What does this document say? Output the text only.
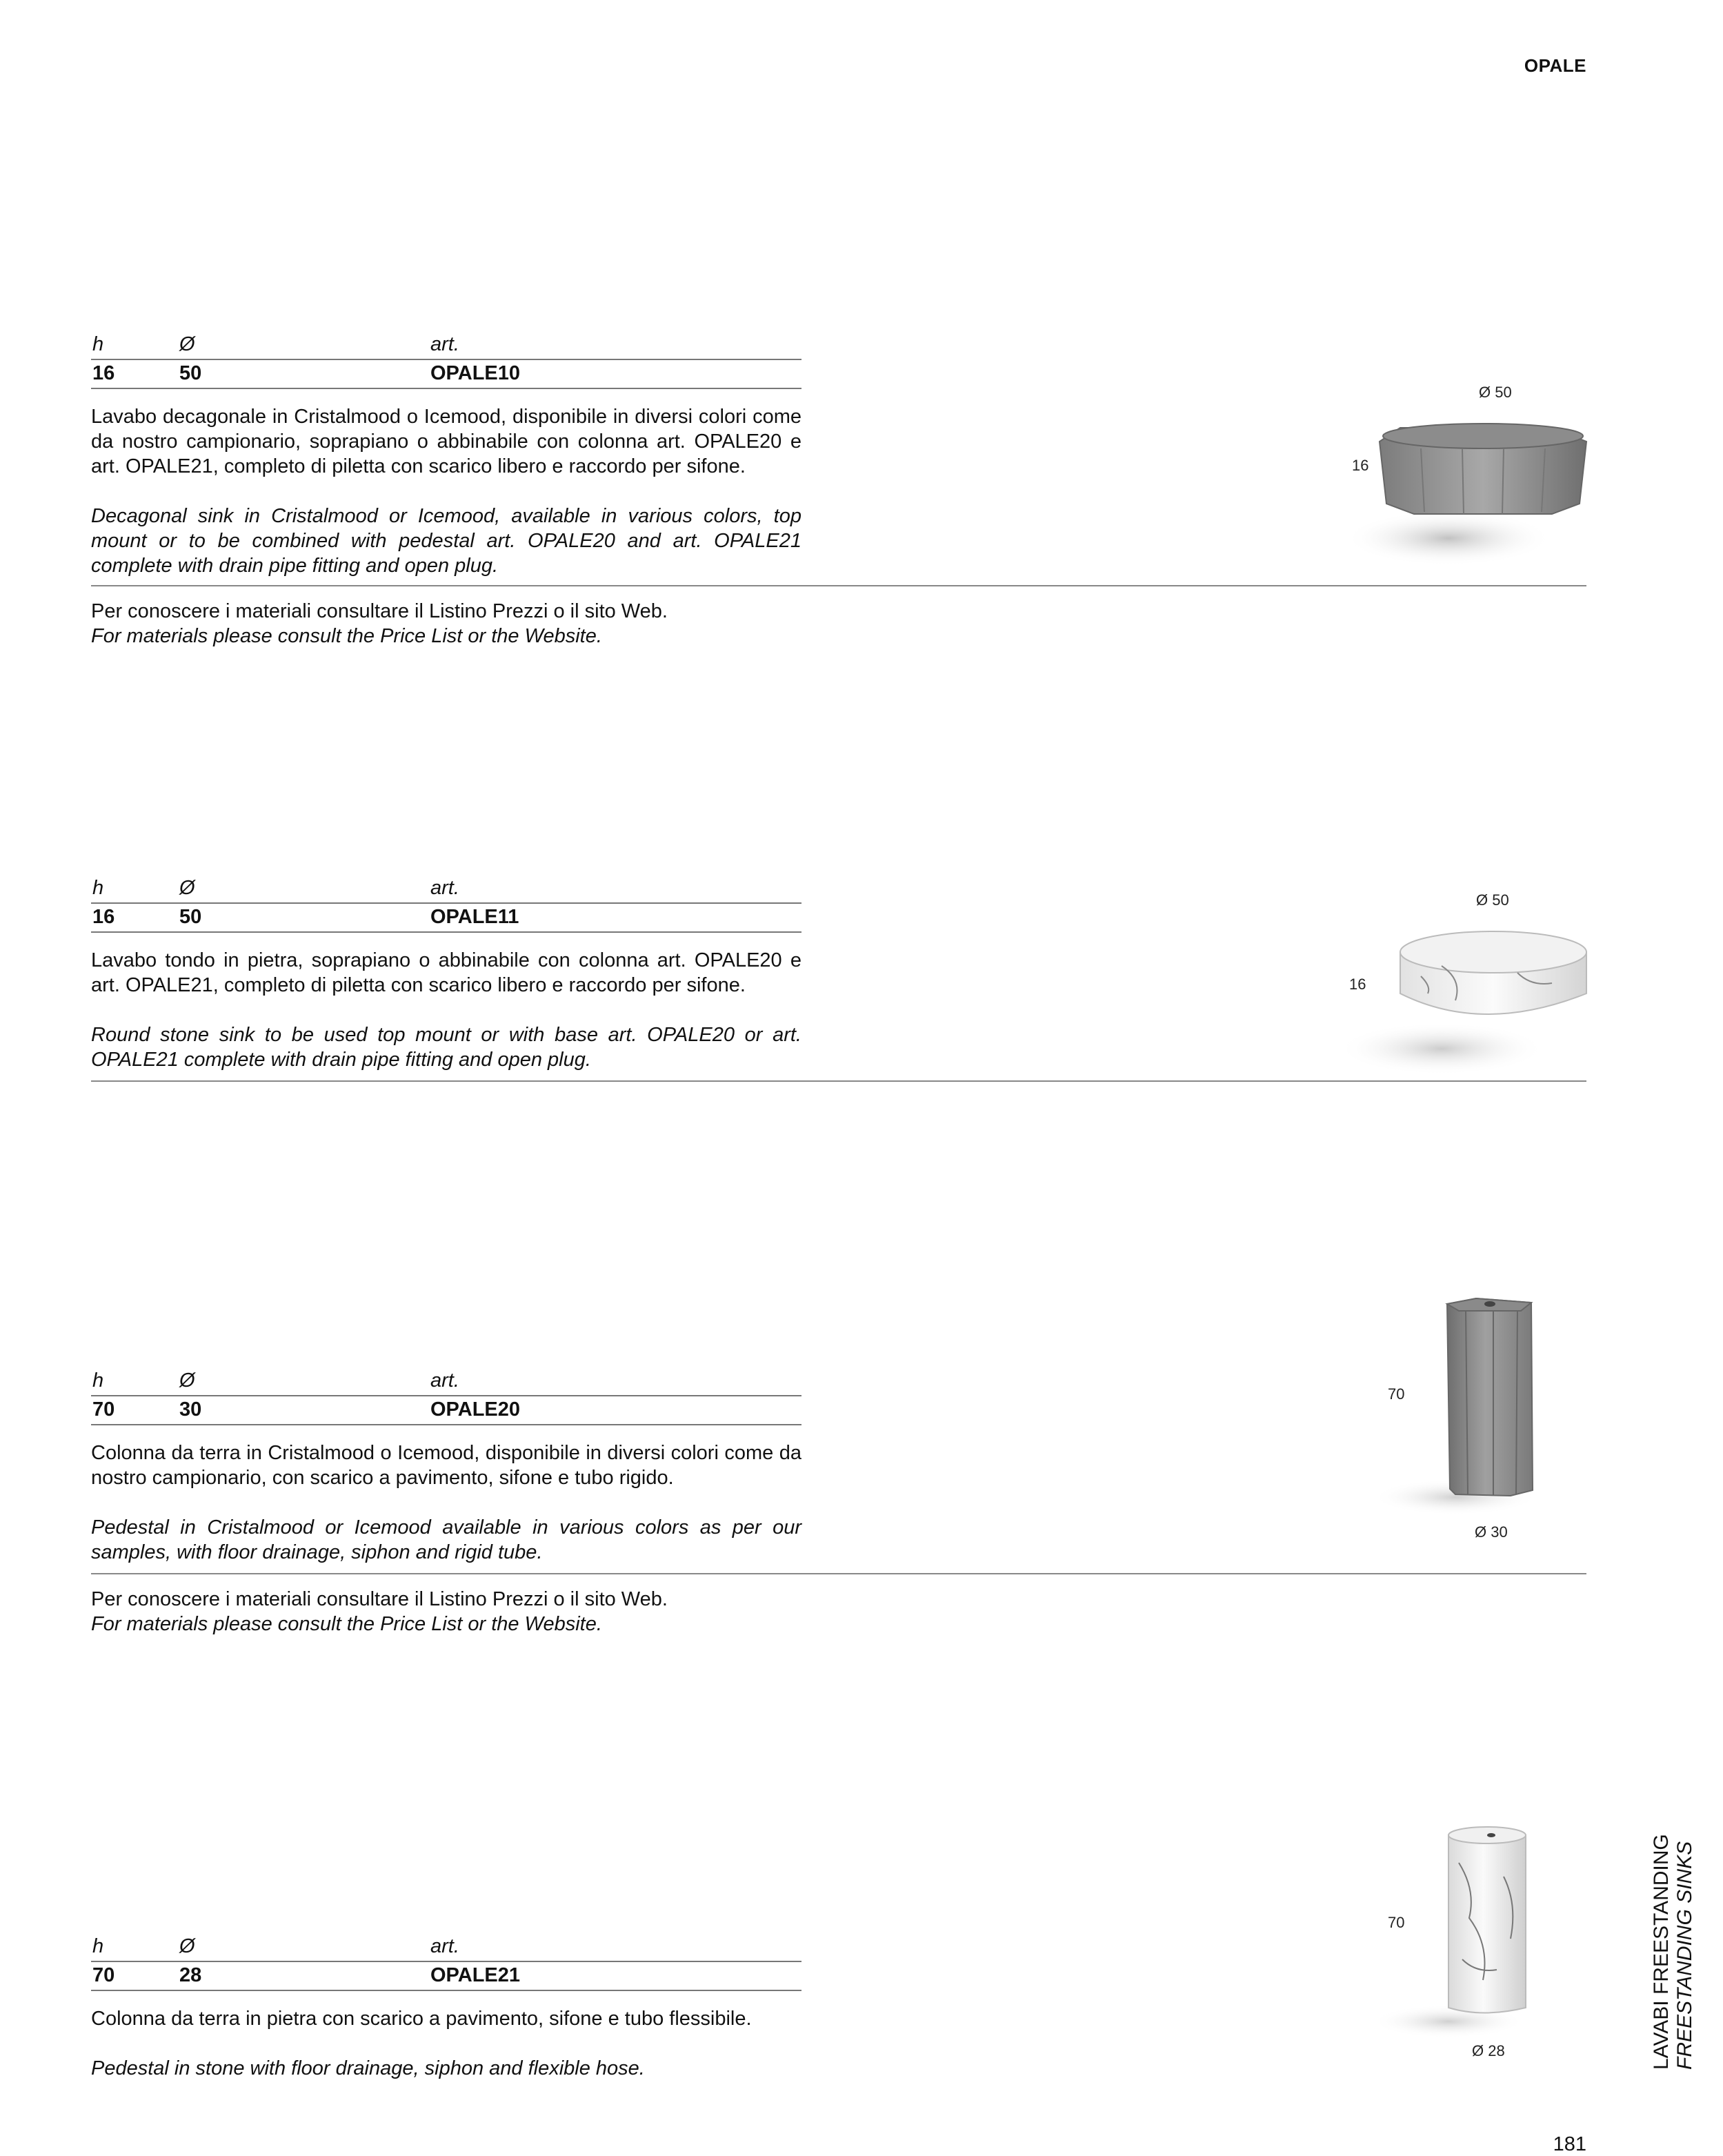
OPALE
h	Ø	art.
16	50	OPALE10
Lavabo decagonale in Cristalmood o Icemood, disponibile in diversi colori come da nostro campionario, soprapiano o abbinabile con colonna art. OPALE20 e art. OPALE21, completo di piletta con scarico libero e raccordo per sifone.
Decagonal sink in Cristalmood or Icemood, available in various colors, top mount or to be combined with pedestal art. OPALE20 and art. OPALE21 complete with drain pipe fitting and open plug.
Ø 50
16
Per conoscere i materiali consultare il Listino Prezzi o il sito Web.
For materials please consult the Price List or the Website.
h	Ø	art.
16	50	OPALE11
Lavabo tondo in pietra, soprapiano o abbinabile con colonna art. OPALE20 e art. OPALE21, completo di piletta con scarico libero e raccordo per sifone.
Round stone sink to be used top mount or with base art. OPALE20 or art. OPALE21 complete with drain pipe fitting and open plug.
Ø 50
16
h	Ø	art.
70	30	OPALE20
Colonna da terra in Cristalmood o Icemood, disponibile in diversi colori come da nostro campionario, con scarico a pavimento, sifone e tubo rigido.
Pedestal in Cristalmood or Icemood available in various colors as per our samples, with floor drainage, siphon and rigid tube.
70
Ø 30
Per conoscere i materiali consultare il Listino Prezzi o il sito Web.
For materials please consult the Price List or the Website.
h	Ø	art.
70	28	OPALE21
Colonna da terra in pietra con scarico a pavimento, sifone e tubo flessibile.
Pedestal in stone with floor drainage, siphon and flexible hose.
70
Ø 28	LAVABI FREESTANDING FREESTANDING SINKS
181
